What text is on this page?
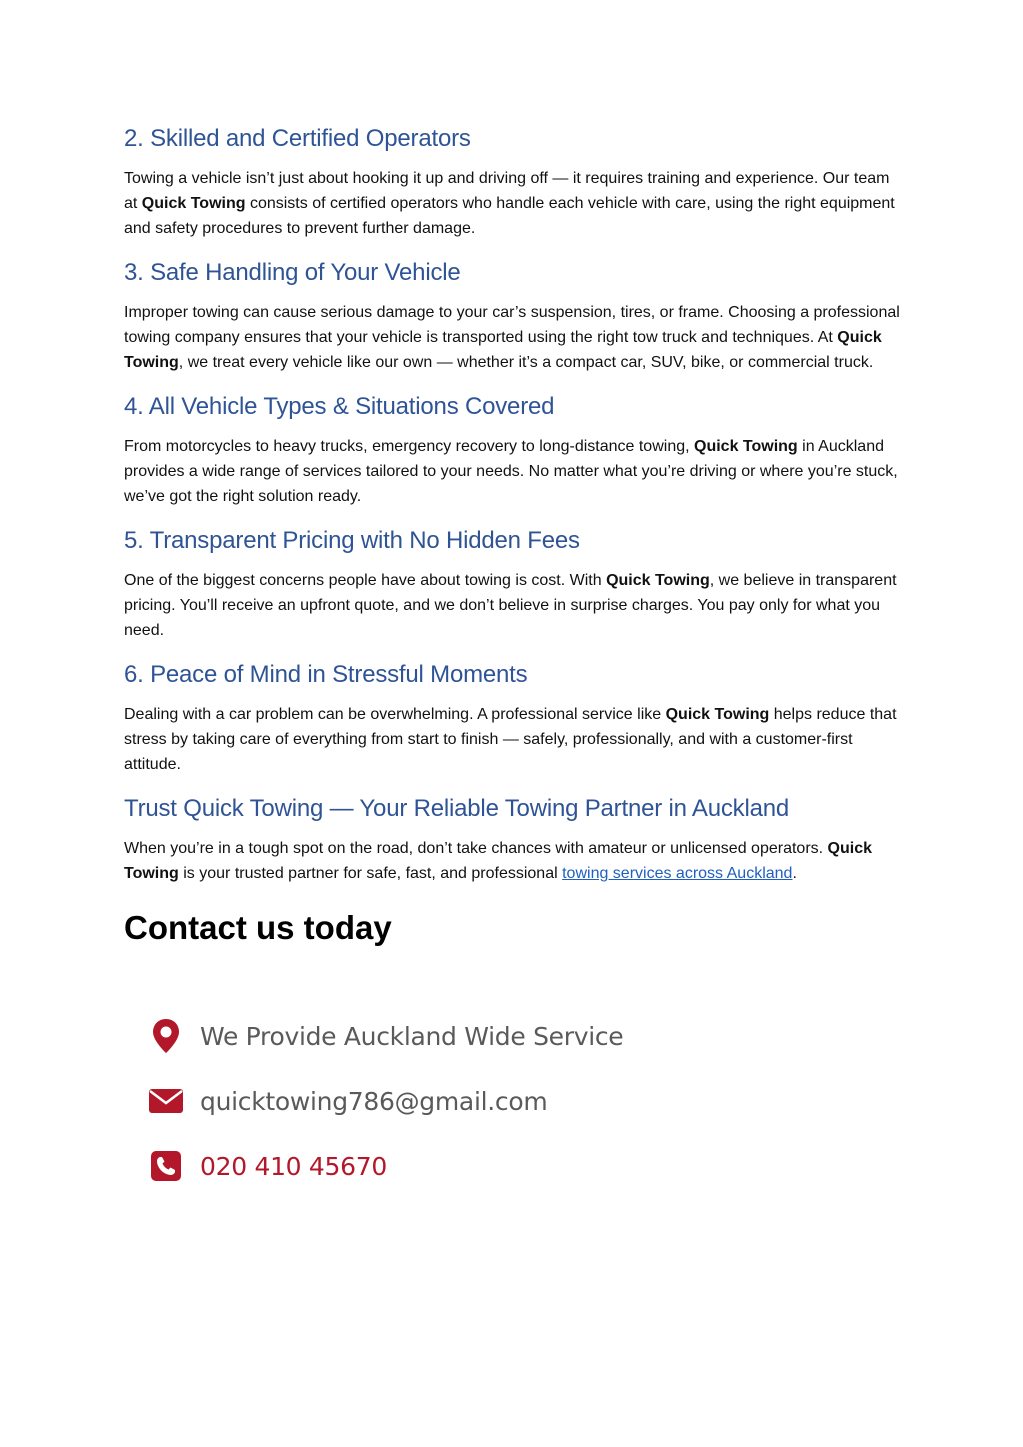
2. Skilled and Certified Operators

Towing a vehicle isn’t just about hooking it up and driving off — it requires training and experience. Our team at Quick Towing consists of certified operators who handle each vehicle with care, using the right equipment and safety procedures to prevent further damage.

3. Safe Handling of Your Vehicle

Improper towing can cause serious damage to your car’s suspension, tires, or frame. Choosing a professional towing company ensures that your vehicle is transported using the right tow truck and techniques. At Quick Towing, we treat every vehicle like our own — whether it’s a compact car, SUV, bike, or commercial truck.

4. All Vehicle Types & Situations Covered

From motorcycles to heavy trucks, emergency recovery to long-distance towing, Quick Towing in Auckland provides a wide range of services tailored to your needs. No matter what you’re driving or where you’re stuck, we’ve got the right solution ready.

5. Transparent Pricing with No Hidden Fees

One of the biggest concerns people have about towing is cost. With Quick Towing, we believe in transparent pricing. You’ll receive an upfront quote, and we don’t believe in surprise charges. You pay only for what you need.

6. Peace of Mind in Stressful Moments

Dealing with a car problem can be overwhelming. A professional service like Quick Towing helps reduce that stress by taking care of everything from start to finish — safely, professionally, and with a customer-first attitude.

Trust Quick Towing — Your Reliable Towing Partner in Auckland

When you’re in a tough spot on the road, don’t take chances with amateur or unlicensed operators. Quick Towing is your trusted partner for safe, fast, and professional towing services across Auckland.

Contact us today
We Provide Auckland Wide Service
quicktowing786@gmail.com
020 410 45670
